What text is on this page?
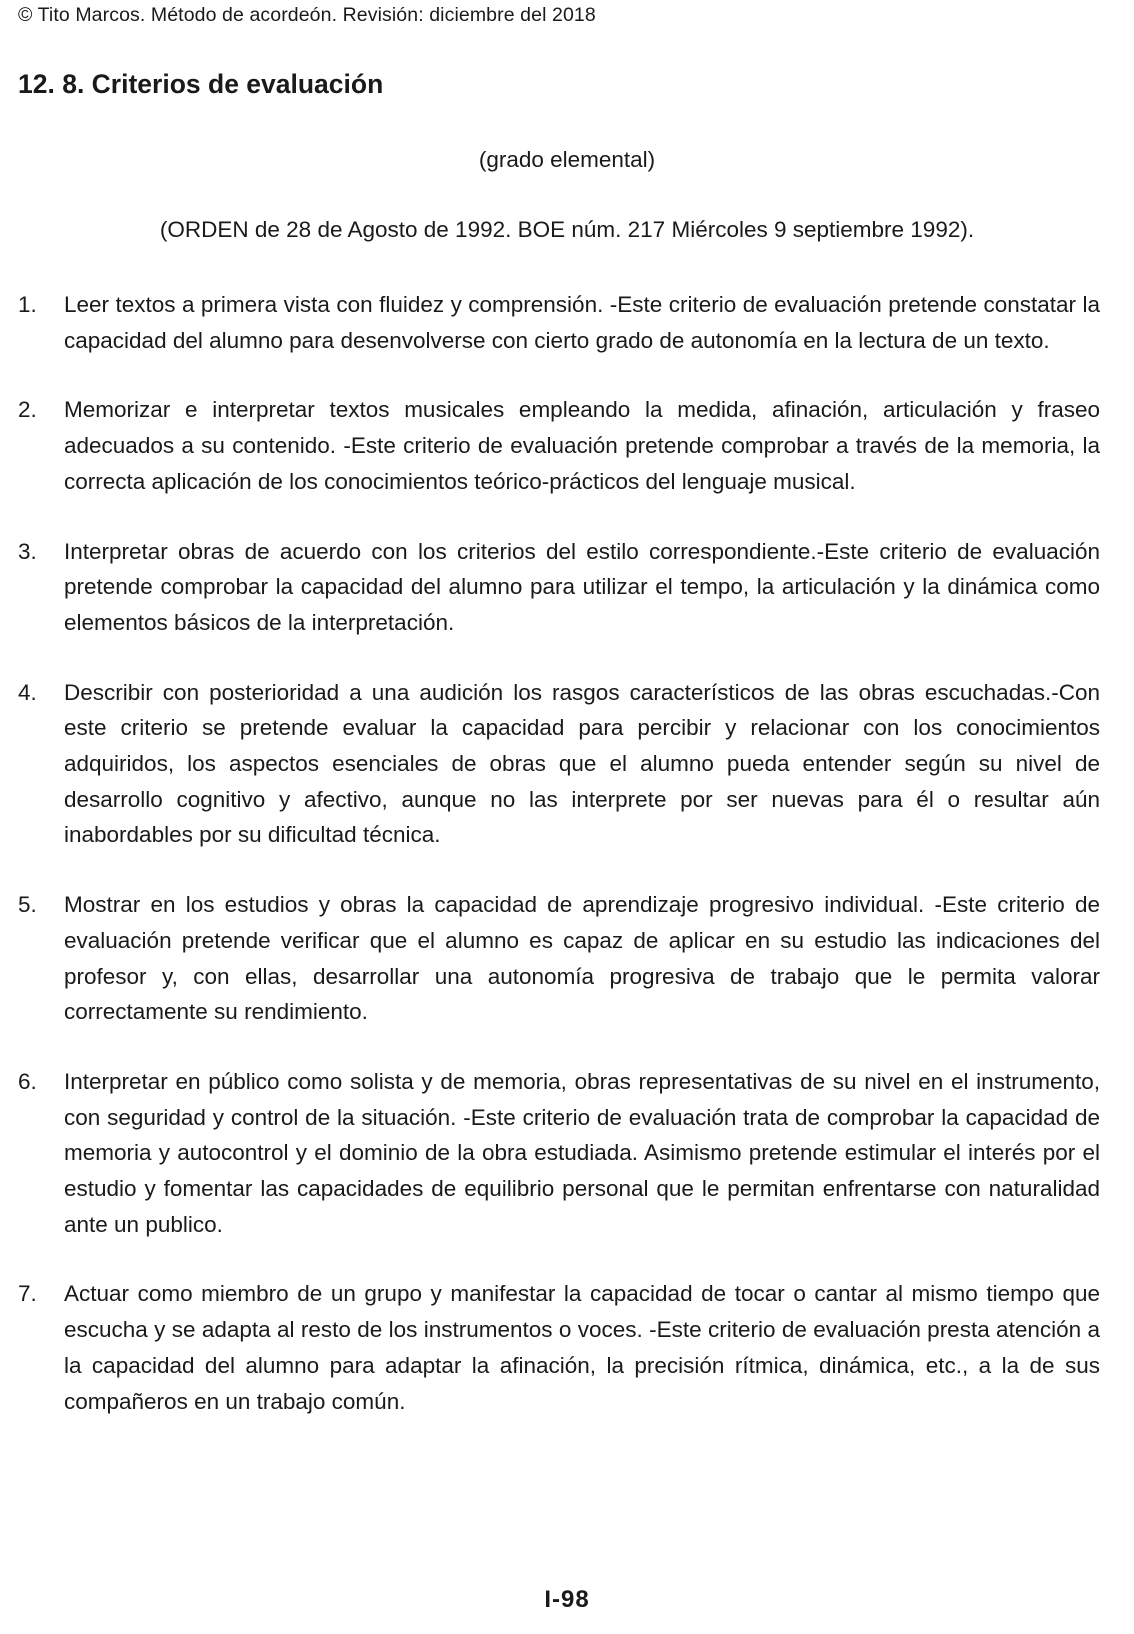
© Tito Marcos. Método de acordeón. Revisión: diciembre del 2018
12. 8. Criterios de evaluación
(grado elemental)
(ORDEN de 28 de Agosto de 1992. BOE núm. 217 Miércoles 9 septiembre 1992).
1. Leer textos a primera vista con fluidez y comprensión. -Este criterio de evaluación pretende constatar la capacidad del alumno para desenvolverse con cierto grado de autonomía en la lectura de un texto.
2. Memorizar e interpretar textos musicales empleando la medida, afinación, articulación y fraseo adecuados a su contenido. -Este criterio de evaluación pretende comprobar a través de la memoria, la correcta aplicación de los conocimientos teórico-prácticos del lenguaje musical.
3. Interpretar obras de acuerdo con los criterios del estilo correspondiente.-Este criterio de evaluación pretende comprobar la capacidad del alumno para utilizar el tempo, la articulación y la dinámica como elementos básicos de la interpretación.
4. Describir con posterioridad a una audición los rasgos característicos de las obras escuchadas.-Con este criterio se pretende evaluar la capacidad para percibir y relacionar con los conocimientos adquiridos, los aspectos esenciales de obras que el alumno pueda entender según su nivel de desarrollo cognitivo y afectivo, aunque no las interprete por ser nuevas para él o resultar aún inabordables por su dificultad técnica.
5. Mostrar en los estudios y obras la capacidad de aprendizaje progresivo individual. -Este criterio de evaluación pretende verificar que el alumno es capaz de aplicar en su estudio las indicaciones del profesor y, con ellas, desarrollar una autonomía progresiva de trabajo que le permita valorar correctamente su rendimiento.
6. Interpretar en público como solista y de memoria, obras representativas de su nivel en el instrumento, con seguridad y control de la situación. -Este criterio de evaluación trata de comprobar la capacidad de memoria y autocontrol y el dominio de la obra estudiada. Asimismo pretende estimular el interés por el estudio y fomentar las capacidades de equilibrio personal que le permitan enfrentarse con naturalidad ante un publico.
7. Actuar como miembro de un grupo y manifestar la capacidad de tocar o cantar al mismo tiempo que escucha y se adapta al resto de los instrumentos o voces. -Este criterio de evaluación presta atención a la capacidad del alumno para adaptar la afinación, la precisión rítmica, dinámica, etc., a la de sus compañeros en un trabajo común.
I-98
